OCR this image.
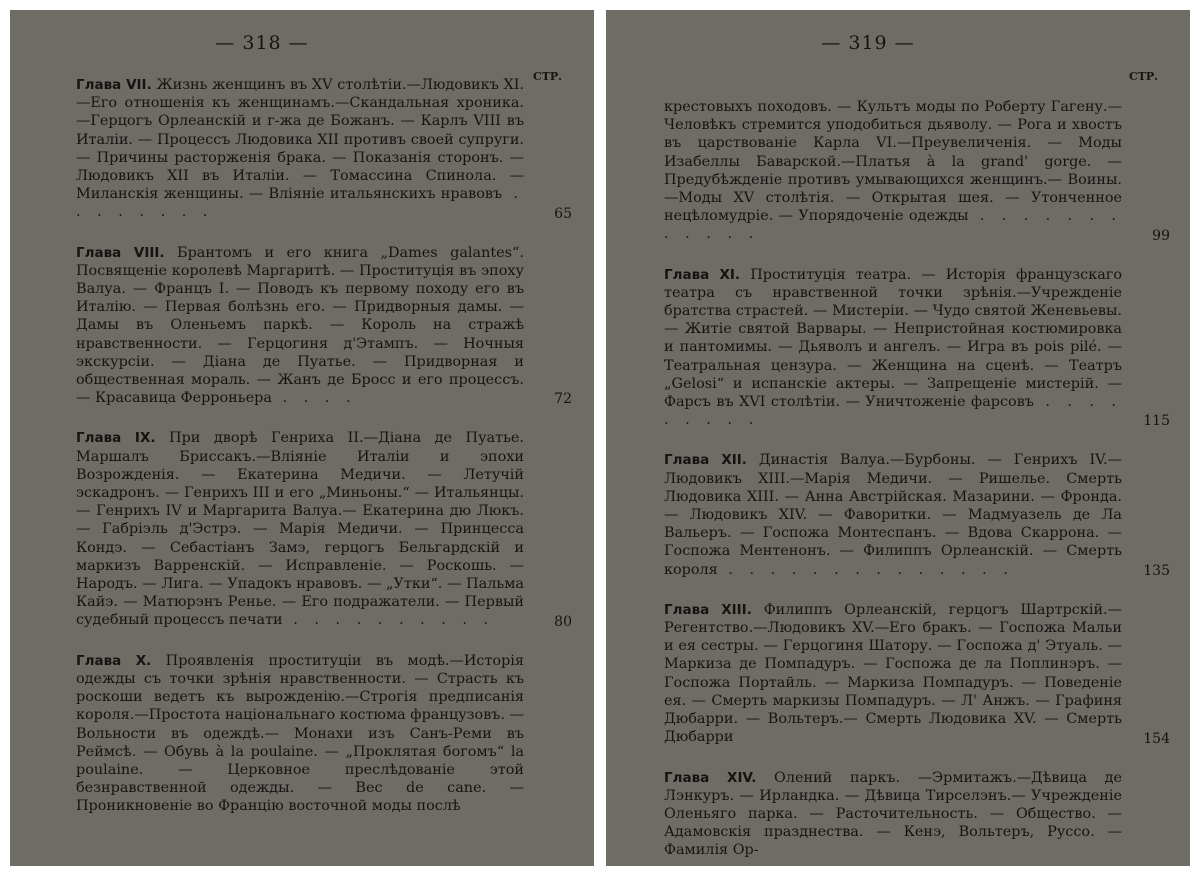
— 318 —
СТР.
Глава VII. Жизнь женщинъ въ XV столѣтіи.—Людовикъ XI.—Его отношенія къ женщинамъ.—Скандальная хроника.—Герцогъ Орлеанскій и г-жа де Божанъ. — Карлъ VIII въ Италіи. — Процессъ Людовика XII противъ своей супруги. — Причины расторженія брака. — Показанія сторонъ. — Людовикъ XII въ Италіи. — Томассина Спинола. — Миланскія женщины. — Вліяніе итальянскихъ нравовъ . . . . . . . .	65
Глава VIII. Брантомъ и его книга „Dames galantes“. Посвященіе королевѣ Маргаритѣ. — Проституція въ эпоху Валуа. — Францъ I. — Поводъ къ первому походу его въ Италію. — Первая болѣзнь его. — Придворныя дамы. — Дамы въ Оленьемъ паркѣ. — Король на стражѣ нравственности. — Герцогиня д'Этампъ. — Ночныя экскурсіи. — Діана де Пуатье. — Придворная и общественная мораль. — Жанъ де Бросс и его процессъ. — Красавица Ферроньера . . . .	72
Глава IX. При дворѣ Генриха II.—Діана де Пуатье. Маршалъ Бриссакъ.—Вліяніе Италіи и эпохи Возрожденія. — Екатерина Медичи. — Летучій эскадронъ. — Генрихъ III и его „Миньоны.“ — Итальянцы. — Генрихъ IV и Маргарита Валуа.— Екатерина дю Люкъ. — Габріэль д'Эстрэ. — Марія Медичи. — Принцесса Кондэ. — Себастіанъ Замэ, герцогъ Бельгардскій и маркизъ Варренскій. — Исправленіе. — Роскошь. — Народъ. — Лига. — Упадокъ нравовъ. — „Утки“. — Пальма Кайэ. — Матюрэнъ Ренье. — Его подражатели. — Первый судебный процессъ печати . . . . . . . . . .	80
Глава X. Проявленія проституціи въ модѣ.—Исторія одежды съ точки зрѣнія нравственности. — Страсть къ роскоши ведетъ къ вырожденію.—Строгія предписанія короля.—Простота національнаго костюма французовъ. — Вольности въ одеждѣ.— Монахи изъ Санъ-Реми въ Реймсѣ. — Обувь à la poulaine. — „Проклятая богомъ“ la poulaine. — Церковное преслѣдованіе этой безнравственной одежды. — Bec de cane. — Проникновеніе во Францію восточной моды послѣ
— 319 —
СТР.
крестовыхъ походовъ. — Культъ моды по Роберту Гагену.—Человѣкъ стремится уподобиться дьяволу. — Рога и хвостъ въ царствованіе Карла VI.—Преувеличенія. — Моды Изабеллы Баварской.—Платья à la grand' gorge. — Предубѣжденіе противъ умывающихся женщинъ.— Воины.—Моды XV столѣтія. — Открытая шея. — Утонченное нецѣломудріе. — Упорядоченіе одежды . . . . . . . . . . . .	99
Глава XI. Проституція театра. — Исторія французскаго театра съ нравственной точки зрѣнія.—Учрежденіе братства страстей. — Мистеріи. — Чудо святой Женевьевы. — Житіе святой Варвары. — Непристойная костюмировка и пантомимы. — Дьяволъ и ангелъ. — Игра въ pois pilé. — Театральная цензура. — Женщина на сценѣ. — Театръ „Gelosi“ и испанскіе актеры. — Запрещеніе мистерій. — Фарсъ въ XVI столѣтіи. — Уничтоженіе фарсовъ . . . . . . . . .	115
Глава XII. Династія Валуа.—Бурбоны. — Генрихъ IV.—Людовикъ XIII.—Марія Медичи. — Ришелье. Смерть Людовика XIII. — Анна Австрійская. Мазарини. — Фронда. — Людовикъ XIV. — Фаворитки. — Мадмуазель де Ла Вальеръ. — Госпожа Монтеспанъ. — Вдова Скаррона. — Госпожа Ментенонъ. — Филиппъ Орлеанскій. — Смерть короля . . . . . . . . . . . . . .	135
Глава XIII. Филиппъ Орлеанскій, герцогъ Шартрскій.—Регентство.—Людовикъ XV.—Его бракъ. — Госпожа Мальи и ея сестры. — Герцогиня Шатору. — Госпожа д' Этуаль. — Маркиза де Помпадуръ. — Госпожа де ла Поплинэръ. — Госпожа Портайль. — Маркиза Помпадуръ. — Поведеніе ея. — Смерть маркизы Помпадуръ. — Л' Анжъ. — Графиня Дюбарри. — Вольтеръ.— Смерть Людовика XV. — Смерть Дюбарри	154
Глава XIV. Олений паркъ. —Эрмитажъ.—Дѣвица де Лэнкуръ. — Ирландка. — Дѣвица Тирселэнъ.— Учрежденіе Оленьяго парка. — Расточительность. — Общество. — Адамовскія празднества. — Кенэ, Вольтеръ, Руссо. — Фамилія Ор-
